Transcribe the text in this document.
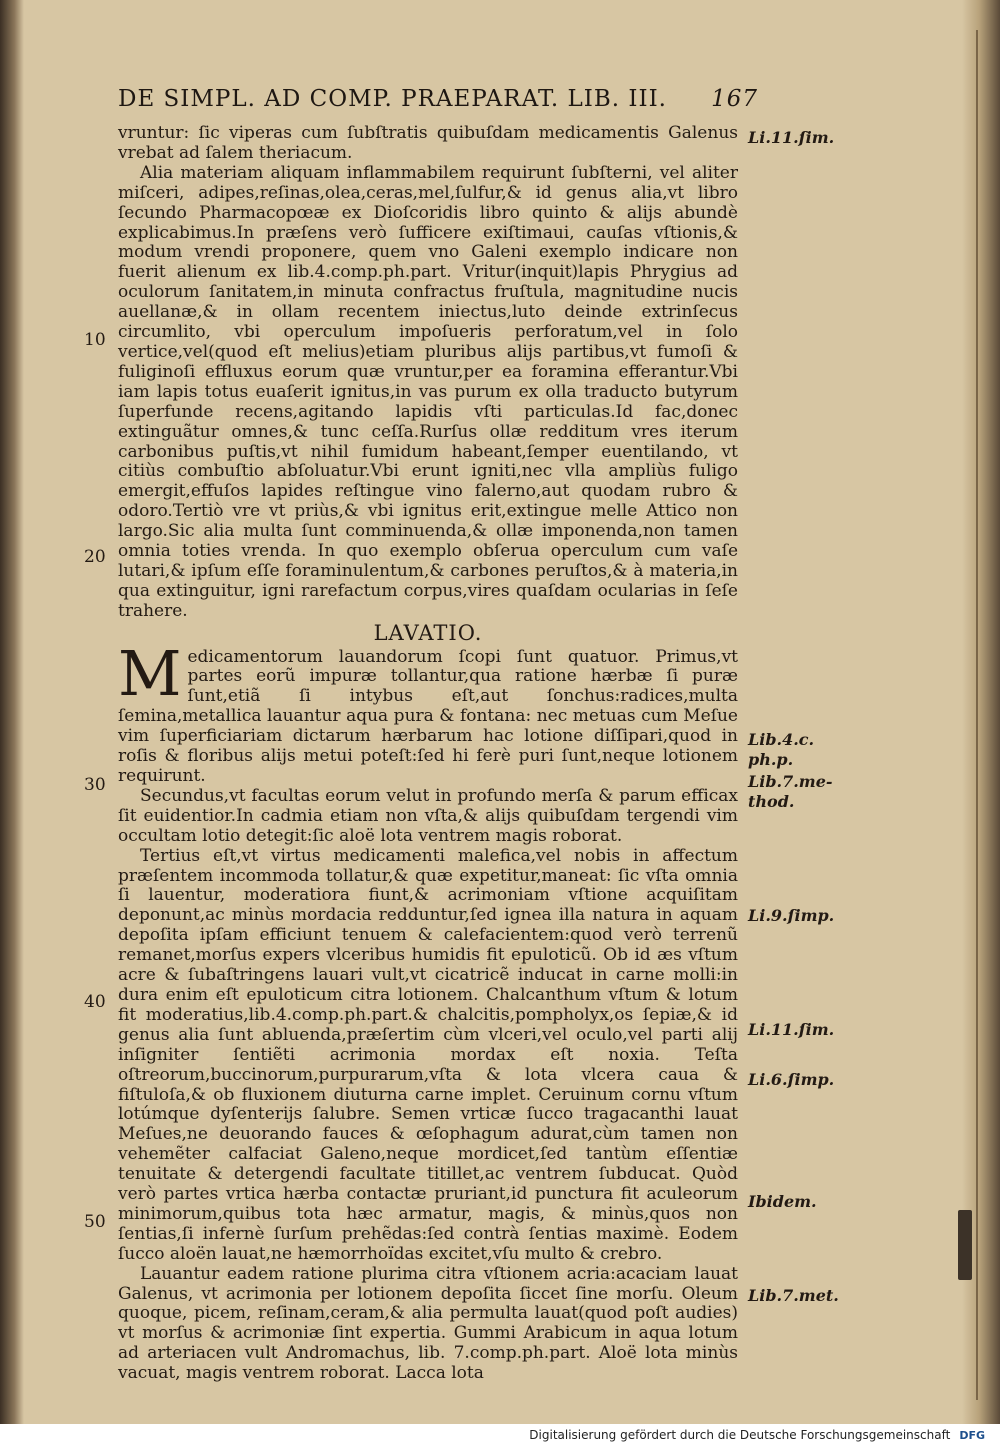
DE SIMPL. AD COMP. PRAEPARAT. LIB. III. 167

vruntur: ſic viperas cum ſubſtratis quibuſdam medicamentis Galenus vrebat ad ſalem theriacum.

Alia materiam aliquam inflammabilem requirunt ſubſterni, vel aliter miſceri, adipes,reſinas,olea,ceras,mel,ſulfur,& id genus alia,vt libro ſecundo Pharmacopœæ ex Dioſcoridis libro quinto & alijs abundè explicabimus.In præſens verò ſufficere exiſtimaui, cauſas vſtionis,& modum vrendi proponere, quem vno Galeni exemplo indicare non fuerit alienum ex lib.4.comp.ph.part. Vritur(inquit)lapis Phrygius ad oculorum ſanitatem,in minuta confractus fruſtula, magnitudine nucis auellanæ,& in ollam recentem iniectus,luto deinde extrinſecus circumlito, vbi operculum impoſueris perforatum,vel in ſolo vertice,vel(quod eſt melius)etiam pluribus alijs partibus,vt fumoſi & fuliginoſi effluxus eorum quæ vruntur,per ea foramina efferantur.Vbi iam lapis totus euaſerit ignitus,in vas purum ex olla traducto butyrum ſuperfunde recens,agitando lapidis vſti particulas.Id fac,donec extinguãtur omnes,& tunc ceſſa.Rurſus ollæ redditum vres iterum carbonibus puſtis,vt nihil fumidum habeant,ſemper euentilando, vt citiùs combuſtio abſoluatur.Vbi erunt igniti,nec vlla ampliùs fuligo emergit,effuſos lapides reſtingue vino falerno,aut quodam rubro & odoro.Tertiò vre vt priùs,& vbi ignitus erit,extingue melle Attico non largo.Sic alia multa ſunt comminuenda,& ollæ imponenda,non tamen omnia toties vrenda. In quo exemplo obſerua operculum cum vaſe lutari,& ipſum eſſe foraminulentum,& carbones peruſtos,& à materia,in qua extinguitur, igni rarefactum corpus,vires quaſdam ocularias in ſeſe trahere.

LAVATIO.

Medicamentorum lauandorum ſcopi ſunt quatuor. Primus,vt partes eorũ impuræ tollantur,qua ratione hærbæ ſi puræ ſunt,etiã ſi intybus eſt,aut ſonchus:radices,multa ſemina,metallica lauantur aqua pura & fontana: nec metuas cum Meſue vim ſuperficiariam dictarum hærbarum hac lotione diſſipari,quod in roſis & floribus alijs metui poteſt:ſed hi ferè puri ſunt,neque lotionem requirunt.

Secundus,vt facultas eorum velut in profundo merſa & parum efficax ſit euidentior.In cadmia etiam non vſta,& alijs quibuſdam tergendi vim occultam lotio detegit:ſic aloë lota ventrem magis roborat.

Tertius eſt,vt virtus medicamenti malefica,vel nobis in affectum præſentem incommoda tollatur,& quæ expetitur,maneat: ſic vſta omnia ſi lauentur, moderatiora fiunt,& acrimoniam vſtione acquiſitam deponunt,ac minùs mordacia redduntur,ſed ignea illa natura in aquam depoſita ipſam efficiunt tenuem & calefacientem:quod verò terrenũ remanet,morſus expers vlceribus humidis fit epuloticũ. Ob id æs vſtum acre & ſubaſtringens lauari vult,vt cicatricẽ inducat in carne molli:in dura enim eſt epuloticum citra lotionem. Chalcanthum vſtum & lotum fit moderatius,lib.4.comp.ph.part.& chalcitis,pompholyx,os ſepiæ,& id genus alia ſunt abluenda,præſertim cùm vlceri,vel oculo,vel parti alij inſigniter ſentiẽti acrimonia mordax eſt noxia. Teſta oſtreorum,buccinorum,purpurarum,vſta & lota vlcera caua & fiſtuloſa,& ob fluxionem diuturna carne implet. Ceruinum cornu vſtum lotúmque dyſenterijs ſalubre. Semen vrticæ ſucco tragacanthi lauat Meſues,ne deuorando fauces & œſophagum adurat,cùm tamen non vehemẽter calfaciat Galeno,neque mordicet,ſed tantùm eſſentiæ tenuitate & detergendi facultate titillet,ac ventrem ſubducat. Quòd verò partes vrtica hærba contactæ pruriant,id punctura fit aculeorum minimorum,quibus tota hæc armatur, magis, & minùs,quos non ſentias,ſi infernè ſurſum prehẽdas:ſed contrà ſentias maximè. Eodem ſucco aloën lauat,ne hæmorrhoïdas excitet,vſu multo & crebro.

Lauantur eadem ratione plurima citra vſtionem acria:acaciam lauat Galenus, vt acrimonia per lotionem depoſita ſiccet ſine morſu. Oleum quoque, picem, reſinam,ceram,& alia permulta lauat(quod poſt audies) vt morſus & acrimoniæ ſint expertia. Gummi Arabicum in aqua lotum ad arteriacen vult Andromachus, lib. 7.comp.ph.part. Aloë lota minùs vacuat, magis ventrem roborat. Lacca lota

10
20
30
40
50
Li.11.ſim.
Lib.4.c.
ph.p.
Lib.7.me-
thod.
Li.9.ſimp.
Li.11.ſim.
Li.6.ſimp.
Ibidem.
Lib.7.met.
Digitalisierung gefördert durch die Deutsche Forschungsgemeinschaft DFG
